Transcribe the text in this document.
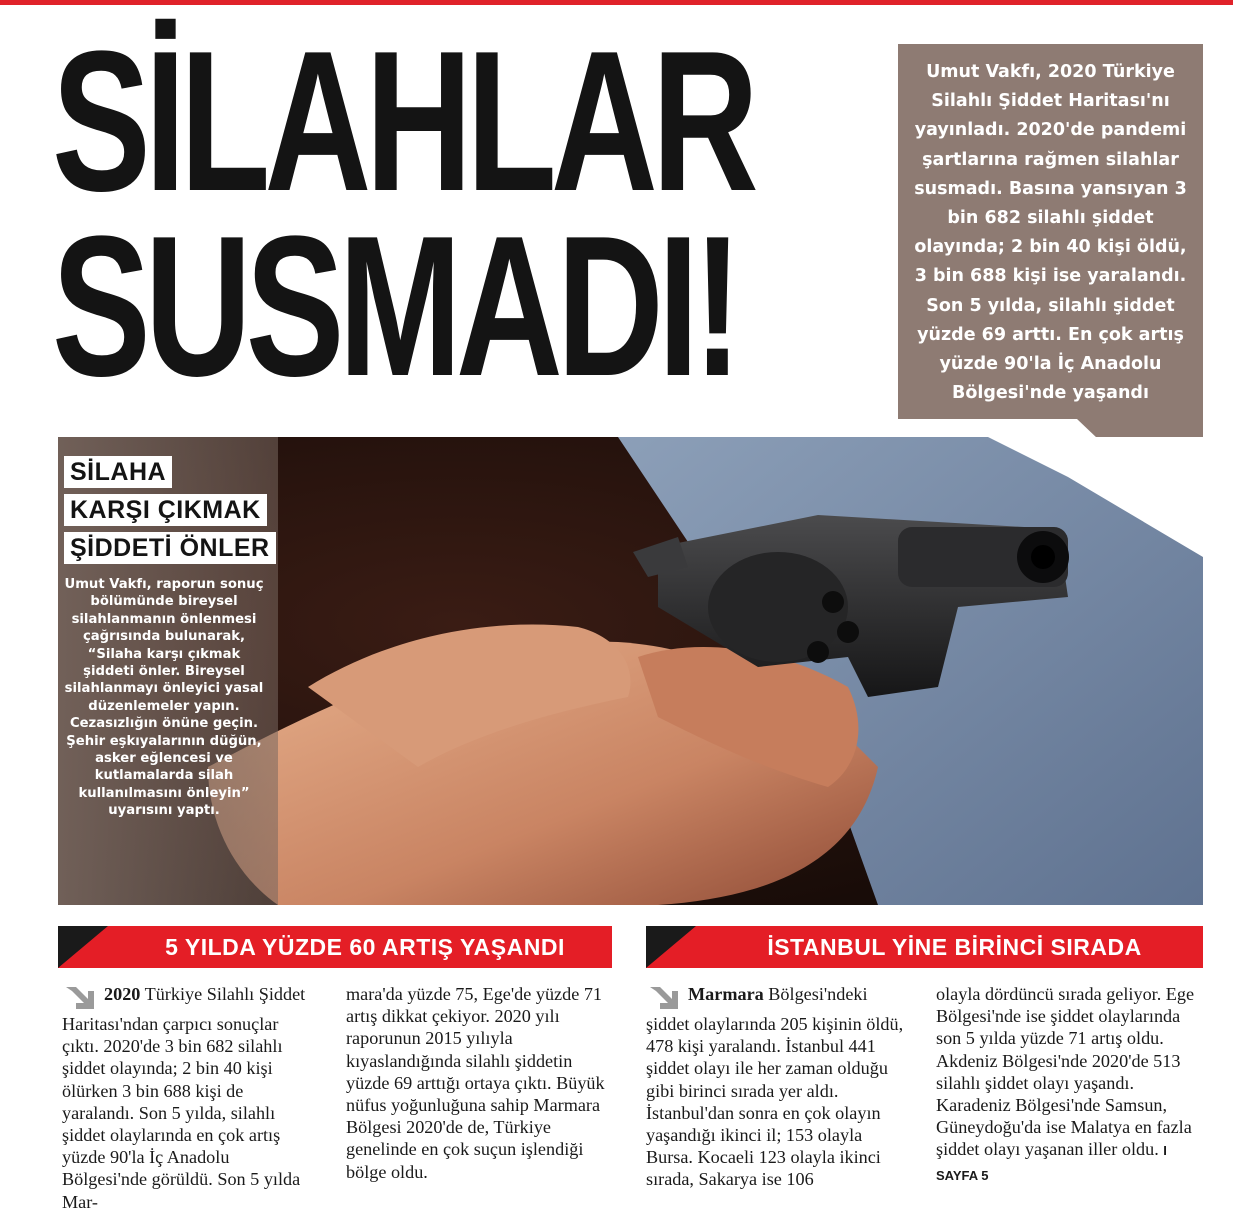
SİLAHLAR
SUSMADI!
Umut Vakfı, 2020 Türkiye Silahlı Şiddet Haritası'nı yayınladı. 2020'de pandemi şartlarına rağmen silahlar susmadı. Basına yansıyan 3 bin 682 silahlı şiddet olayında; 2 bin 40 kişi öldü, 3 bin 688 kişi ise yaralandı. Son 5 yılda, silahlı şiddet yüzde 69 arttı. En çok artış yüzde 90'la İç Anadolu Bölgesi'nde yaşandı
SİLAHA
KARŞI ÇIKMAK
ŞİDDETİ ÖNLER
Umut Vakfı, raporun sonuç bölümünde bireysel silahlanmanın önlenmesi çağrısında bulunarak, “Silaha karşı çıkmak şiddeti önler. Bireysel silahlanmayı önleyici yasal düzenlemeler yapın. Cezasızlığın önüne geçin. Şehir eşkıyalarının düğün, asker eğlencesi ve kutlamalarda silah kullanılmasını önleyin” uyarısını yaptı.
5 YILDA YÜZDE 60 ARTIŞ YAŞANDI

2020 Türkiye Silahlı Şiddet Haritası'ndan çarpıcı sonuçlar çıktı. 2020'de 3 bin 682 silahlı şiddet olayında; 2 bin 40 kişi ölürken 3 bin 688 kişi de yaralandı. Son 5 yılda, silahlı şiddet olaylarında en çok artış yüzde 90'la İç Anadolu Bölgesi'nde görüldü. Son 5 yılda Mar-

mara'da yüzde 75, Ege'de yüzde 71 artış dikkat çekiyor. 2020 yılı raporunun 2015 yılıyla kıyaslandığında silahlı şiddetin yüzde 69 arttığı ortaya çıktı. Büyük nüfus yoğunluğuna sahip Marmara Bölgesi 2020'de de, Türkiye genelinde en çok suçun işlendiği bölge oldu.

İSTANBUL YİNE BİRİNCİ SIRADA

Marmara Bölgesi'ndeki şiddet olaylarında 205 kişinin öldü, 478 kişi yaralandı. İstanbul 441 şiddet olayı ile her zaman olduğu gibi birinci sırada yer aldı. İstanbul'dan sonra en çok olayın yaşandığı ikinci il; 153 olayla Bursa. Kocaeli 123 olayla ikinci sırada, Sakarya ise 106

olayla dördüncü sırada geliyor. Ege Bölgesi'nde ise şiddet olaylarında son 5 yılda yüzde 71 artış oldu. Akdeniz Bölgesi'nde 2020'de 513 silahlı şiddet olayı yaşandı. Karadeniz Bölgesi'nde Samsun, Güneydoğu'da ise Malatya en fazla şiddet olayı yaşanan iller oldu. I SAYFA 5
